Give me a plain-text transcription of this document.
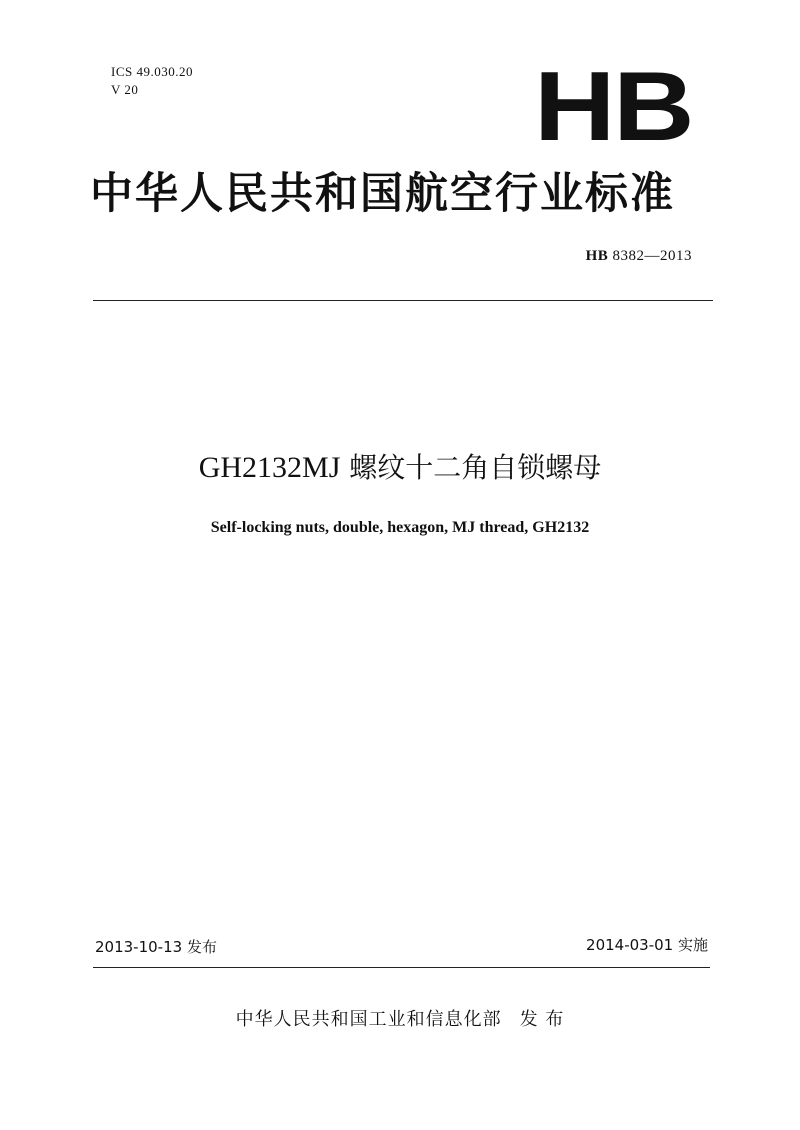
ICS 49.030.20
V 20	HB
中华人民共和国航空行业标准
HB 8382—2013
GH2132MJ 螺纹十二角自锁螺母
Self-locking nuts, double, hexagon, MJ thread, GH2132
2013-10-13 发布	2014-03-01 实施
中华人民共和国工业和信息化部 发 布
